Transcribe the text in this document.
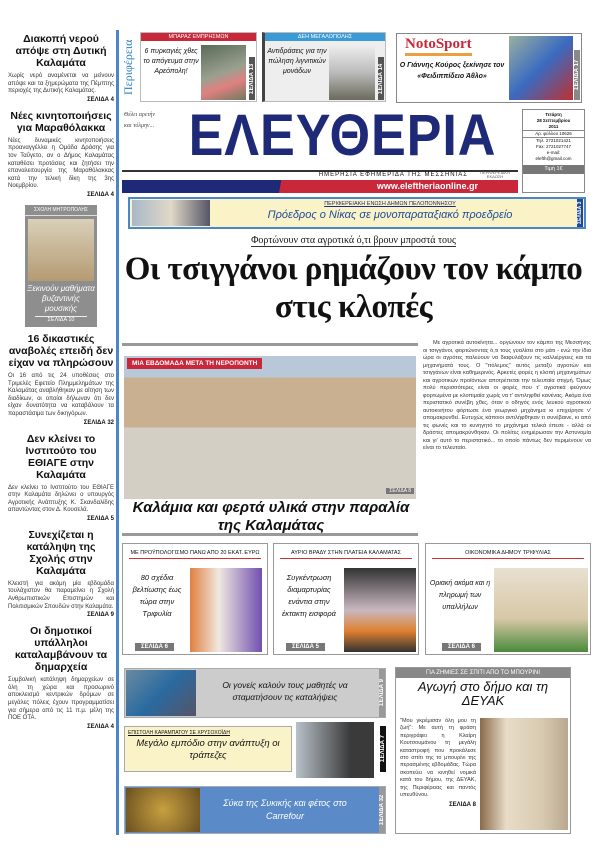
Διακοπή νερού απόψε στη Δυτική Καλαμάτα
Χωρίς νερό αναμένεται να μείνουν απόψε και τα ξημερώματα της Πέμπτης περιοχές της Δυτικής Καλαμάτας.
ΣΕΛΙΔΑ 4
Νέες κινητοποιήσεις για Μαραθόλακκα
Νέες δυναμικές κινητοποιήσεις προαναγγέλλει η Ομάδα Δράσης για τον Ταΰγετο, αν ο Δήμος Καλαμάτας καταθέσει προτάσεις και ζητήσει την επαναλειτουργία της Μαραθόλακκας κατά την τελική δίκη της 3ης Νοεμβρίου.
ΣΕΛΙΔΑ 4
ΣΧΟΛΗ ΜΗΤΡΟΠΟΛΗΣ
Ξεκινούν μαθήματα βυζαντινής μουσικής
ΣΕΛΙΔΑ 10
16 δικαστικές αναβολές επειδή δεν είχαν να πληρώσουν
Οι 16 από τις 24 υποθέσεις στο Τριμελές Εφετείο Πλημμελημάτων της Καλαμάτας αναβλήθηκαν με αίτηση των διαδίκων, οι οποίοι δήλωναν ότι δεν είχαν δυνατότητα να καταβάλουν τα παραστάσιμα των δικηγόρων.
ΣΕΛΙΔΑ 32
Δεν κλείνει το Ινστιτούτο του ΕΘΙΑΓΕ στην Καλαμάτα
Δεν κλείνει το Ινστιτούτο του ΕΘΙΑΓΕ στην Καλαμάτα δηλώνει ο υπουργός Αγροτικής Ανάπτυξης Κ. Σκανδαλίδης απαντώντας στον Δ. Κουσελά.
ΣΕΛΙΔΑ 5
Συνεχίζεται η κατάληψη της Σχολής στην Καλαμάτα
Κλειστή για ακόμη μία εβδομάδα τουλάχιστον θα παραμείνει η Σχολή Ανθρωπιστικών Επιστημών και Πολιτισμικών Σπουδών στην Καλαμάτα.
ΣΕΛΙΔΑ 9
Οι δημοτικοί υπάλληλοι καταλαμβάνουν τα δημαρχεία
Συμβολική κατάληψη δημαρχείων σε όλη τη χώρα και προσωρινό αποκλεισμό κεντρικών δρόμων σε μεγάλες πόλεις έχουν προγραμματίσει για σήμερα από τις 11 π.μ. μέλη της ΠΟΕ ΟΤΑ.
ΣΕΛΙΔΑ 4
Περιφέρεια
ΜΠΑΡΑΖ ΕΜΠΡΗΣΜΩΝ
6 πυρκαγιές χθες το απόγευμα στην Αρεόπολη!	ΣΕΛΙΔΑ 13
ΔΕΗ ΜΕΓΑΛΟΠΟΛΗΣ
Αντιδράσεις για την πώληση λιγνιτικών μονάδων	ΣΕΛΙΔΑ 14
NotoSport
Ο Γιάννης Κούρος ξεκίνησε τον «Φειδιππίδειο Άθλο»	ΣΕΛΙΔΑ 17
Θέλει αρετήν και τόλμην... ΕΛΕΥΘΕΡΙΑ
ΗΜΕΡΗΣΙΑ ΕΦΗΜΕΡΙΔΑ ΤΗΣ ΜΕΣΣΗΝΙΑΣ	ΠΕΡΙΦΕΡΕΙΑΚΗ ΕΚΔΟΣΗ
www.eleftheriaonline.gr
Τετάρτη
28 Σεπτεμβρίου
2011
Αρ. φύλλου 10626
Τηλ. 2721021421
Fax: 2721027747
e-mail:
elefth@gmail.com
Τιμή 1€
ΠΕΡΙΦΕΡΕΙΑΚΗ ΕΝΩΣΗ ΔΗΜΩΝ ΠΕΛΟΠΟΝΝΗΣΟΥ
Πρόεδρος ο Νίκας σε μονοπαραταξιακό προεδρείο	ΣΕΛΙΔΑ 3
Φορτώνουν στα αγροτικά ό,τι βρουν μπροστά τους
Οι τσιγγάνοι ρημάζουν τον κάμπο στις κλοπές
Με αγροτικά αυτοκίνητα... οργώνουν τον κάμπο της Μεσσήνης οι τσιγγάνοι, φορτώνοντας ό,τι τους γυαλίσει στο μάτι - ενώ την ίδια ώρα οι αγρότες παλεύουν να διαφυλάξουν τις καλλιέργειες και τα μηχανήματά τους. Ο "πόλεμος" αυτός μεταξύ αγροτών και τσιγγάνων είναι καθημερινός. Αρκετές φορές η κλοπή μηχανημάτων και αγροτικών προϊόντων αποτρέπεται την τελευταία στιγμή. Όμως πολύ περισσότερες είναι οι φορές που τ' αγροτικά φεύγουν φορτωμένα με κλοπιμαία χωρίς να τ' αντιληφθεί κανένας. Ακόμα ένα περιστατικό συνέβη χθες, όταν ο οδηγός ενός λευκού αγροτικού αυτοκινήτου φόρτωσε ένα γεωργικό μηχάνημα κι επιχείρησε ν' απομακρυνθεί. Ευτυχώς κάποιοι αντιλήφθηκαν τι συνέβαινε, κι από τις φωνές και το κυνηγητό το μηχάνημα τελικά έπεσε - αλλά οι δράστες απομακρύνθηκαν. Οι πολίτες ενημέρωσαν την Αστυνομία και γι' αυτό το περιστατικό... το οποίο πάντως δεν περιμένουν να είναι το τελευταίο.
ΜΙΑ ΕΒΔΟΜΑΔΑ ΜΕΤΑ ΤΗ ΝΕΡΟΠΟΝΤΗ
ΣΕΛΙΔΑ 8
Καλάμια και φερτά υλικά στην παραλία της Καλαμάτας
ΜΕ ΠΡΟΫΠΟΛΟΓΙΣΜΟ ΠΑΝΩ ΑΠΟ 20 ΕΚΑΤ. ΕΥΡΩ
80 σχέδια βελτίωσης έως τώρα στην Τριφυλία
ΣΕΛΙΔΑ 6
ΑΥΡΙΟ ΒΡΑΔΥ ΣΤΗΝ ΠΛΑΤΕΙΑ ΚΑΛΑΜΑΤΑΣ
Συγκέντρωση διαμαρτυρίας ενάντια στην έκτακτη εισφορά
ΣΕΛΙΔΑ 5
ΟΙΚΟΝΟΜΙΚΑ ΔΗΜΟΥ ΤΡΙΦΥΛΙΑΣ
Οριακή ακόμα και η πληρωμή των υπαλλήλων
ΣΕΛΙΔΑ 6
Οι γονείς καλούν τους μαθητές να σταματήσουν τις καταλήψεις	ΣΕΛΙΔΑ 9
ΕΠΙΣΤΟΛΗ ΚΑΡΑΜΠΑΤΟΥ ΣΕ ΧΡΥΣΟΧΟΪΔΗ
Μεγάλο εμπόδιο στην ανάπτυξη οι τράπεζες	ΣΕΛΙΔΑ 7
Σύκα της Συκικής και φέτος στο Carrefour	ΣΕΛΙΔΑ 32
ΓΙΑ ΖΗΜΙΕΣ ΣΕ ΣΠΙΤΙ ΑΠΟ ΤΟ ΜΠΟΥΡΙΝΙ
Αγωγή στο δήμο και τη ΔΕΥΑΚ
"Μου γκρέμισαν όλη μου τη ζωή": Με αυτή τη φράση περιγράφει η Κλαίρη Κουτσουμάνου τη μεγάλη καταστροφή που προκάλεσε στο σπίτι της το μπουρίνι της περασμένης εβδομάδας. Τώρα σκοπεύει να κινηθεί νομικά κατά του δήμου, της ΔΕΥΑΚ, της Περιφέρειας και παντός υπευθύνου.
ΣΕΛΙΔΑ 8
